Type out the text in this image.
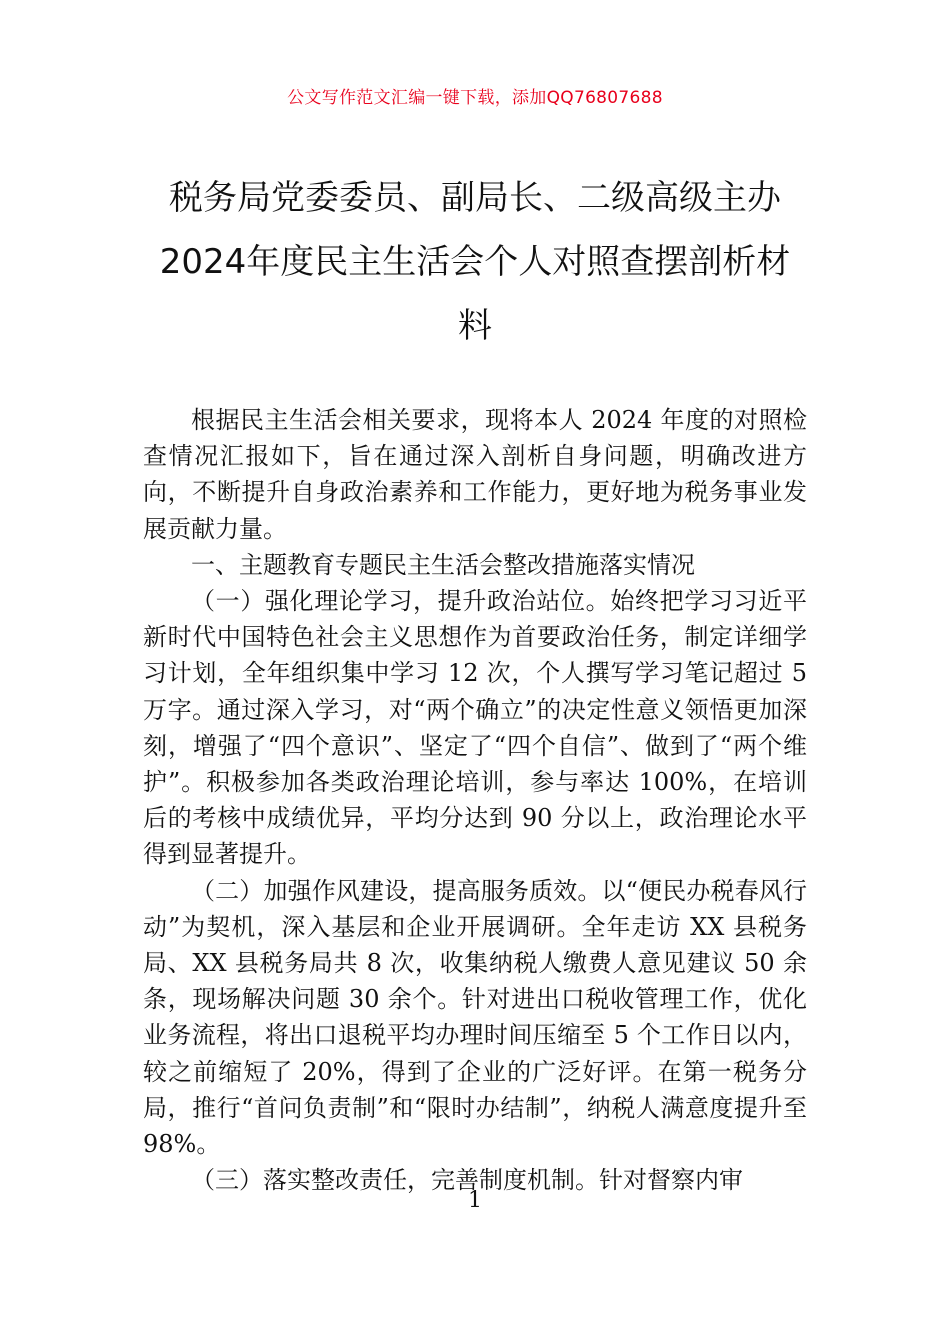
公文写作范文汇编一键下载，添加QQ76807688
税务局党委委员、副局长、二级高级主办
2024年度民主生活会个人对照查摆剖析材
料

根据民主生活会相关要求，现将本人 2024 年度的对照检查情况汇报如下，旨在通过深入剖析自身问题，明确改进方向，不断提升自身政治素养和工作能力，更好地为税务事业发展贡献力量。

一、主题教育专题民主生活会整改措施落实情况

（一）强化理论学习，提升政治站位。始终把学习习近平新时代中国特色社会主义思想作为首要政治任务，制定详细学习计划，全年组织集中学习 12 次，个人撰写学习笔记超过 5 万字。通过深入学习，对“两个确立”的决定性意义领悟更加深刻，增强了“四个意识”、坚定了“四个自信”、做到了“两个维护”。积极参加各类政治理论培训，参与率达 100%，在培训后的考核中成绩优异，平均分达到 90 分以上，政治理论水平得到显著提升。

（二）加强作风建设，提高服务质效。以“便民办税春风行动”为契机，深入基层和企业开展调研。全年走访 XX 县税务局、XX 县税务局共 8 次，收集纳税人缴费人意见建议 50 余条，现场解决问题 30 余个。针对进出口税收管理工作，优化业务流程，将出口退税平均办理时间压缩至 5 个工作日以内，较之前缩短了 20%，得到了企业的广泛好评。在第一税务分局，推行“首问负责制”和“限时办结制”，纳税人满意度提升至 98%。

（三）落实整改责任，完善制度机制。针对督察内审

1
